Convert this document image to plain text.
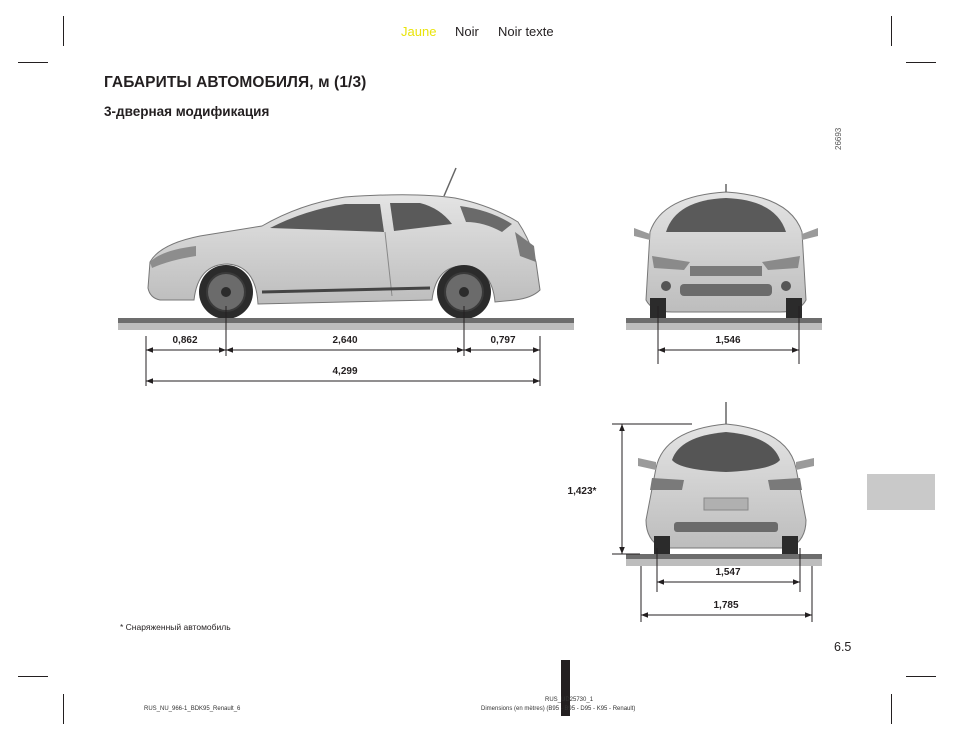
Jaune Noir Noir texte
ГАБАРИТЫ АВТОМОБИЛЯ, м (1/3)
3-дверная модификация
26693
0,862	2,640	0,797
4,299
1,546
1,423*
1,547
1,785
* Снаряженный автомобиль
6.5
RUS_NU_966-1_BDK95_Renault_6
RUS_UD25730_1
Dimensions (en mètres) (B95 - B95 - D95 - K95 - Renault)
